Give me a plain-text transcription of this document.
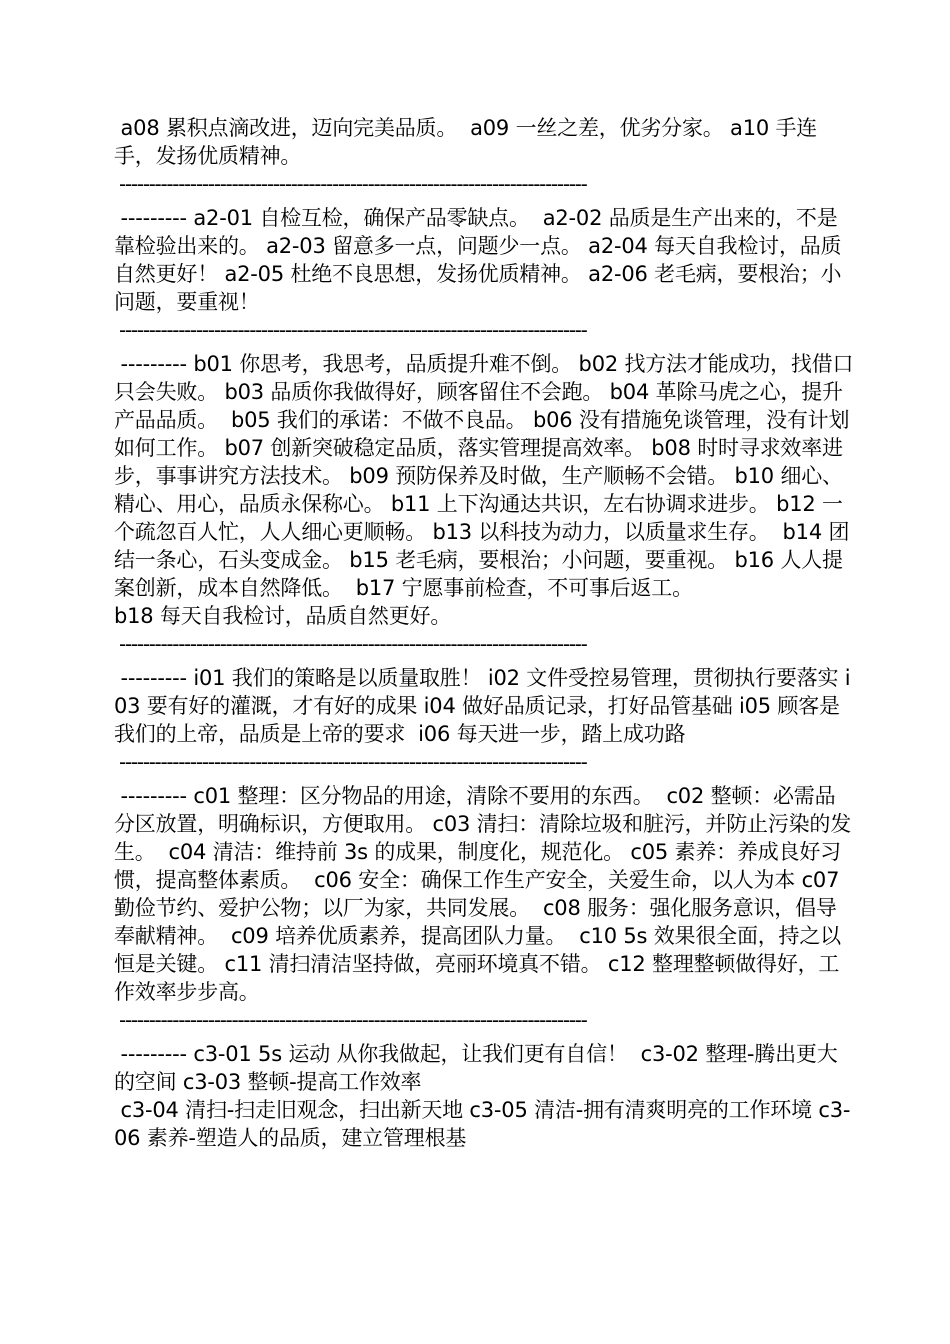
a08 累积点滴改进，迈向完美品质。  a09 一丝之差，优劣分家。 a10 手连手，发扬优质精神。

-------------------------------------------------------------------------------

--------- a2-01 自检互检，确保产品零缺点。  a2-02 品质是生产出来的，不是靠检验出来的。 a2-03 留意多一点，问题少一点。 a2-04 每天自我检讨，品质自然更好！ a2-05 杜绝不良思想，发扬优质精神。 a2-06 老毛病，要根治；小问题，要重视！

-------------------------------------------------------------------------------

--------- b01 你思考，我思考，品质提升难不倒。 b02 找方法才能成功，找借口只会失败。 b03 品质你我做得好，顾客留住不会跑。 b04 革除马虎之心，提升产品品质。  b05 我们的承诺：不做不良品。 b06 没有措施免谈管理，没有计划如何工作。 b07 创新突破稳定品质，落实管理提高效率。 b08 时时寻求效率进步，事事讲究方法技术。 b09 预防保养及时做，生产顺畅不会错。 b10 细心、精心、用心，品质永保称心。 b11 上下沟通达共识，左右协调求进步。 b12 一个疏忽百人忙，人人细心更顺畅。 b13 以科技为动力，以质量求生存。  b14 团结一条心，石头变成金。 b15 老毛病，要根治；小问题，要重视。 b16 人人提案创新，成本自然降低。  b17 宁愿事前检查，不可事后返工。
b18 每天自我检讨，品质自然更好。

-------------------------------------------------------------------------------

--------- i01 我们的策略是以质量取胜！ i02 文件受控易管理，贯彻执行要落实 i03 要有好的灌溉，才有好的成果 i04 做好品质记录，打好品管基础 i05 顾客是我们的上帝，品质是上帝的要求  i06 每天进一步，踏上成功路

-------------------------------------------------------------------------------

--------- c01 整理：区分物品的用途，清除不要用的东西。  c02 整顿：必需品分区放置，明确标识，方便取用。 c03 清扫：清除垃圾和脏污，并防止污染的发生。  c04 清洁：维持前 3s 的成果，制度化，规范化。 c05 素养：养成良好习惯，提高整体素质。  c06 安全：确保工作生产安全，关爱生命，以人为本 c07 勤俭节约、爱护公物；以厂为家，共同发展。  c08 服务：强化服务意识，倡导奉献精神。  c09 培养优质素养，提高团队力量。  c10 5s 效果很全面，持之以恒是关键。 c11 清扫清洁坚持做，亮丽环境真不错。 c12 整理整顿做得好，工作效率步步高。

-------------------------------------------------------------------------------

--------- c3-01 5s 运动 从你我做起，让我们更有自信！  c3-02 整理-腾出更大的空间 c3-03 整顿-提高工作效率
c3-04 清扫-扫走旧观念，扫出新天地 c3-05 清洁-拥有清爽明亮的工作环境 c3-06 素养-塑造人的品质，建立管理根基
